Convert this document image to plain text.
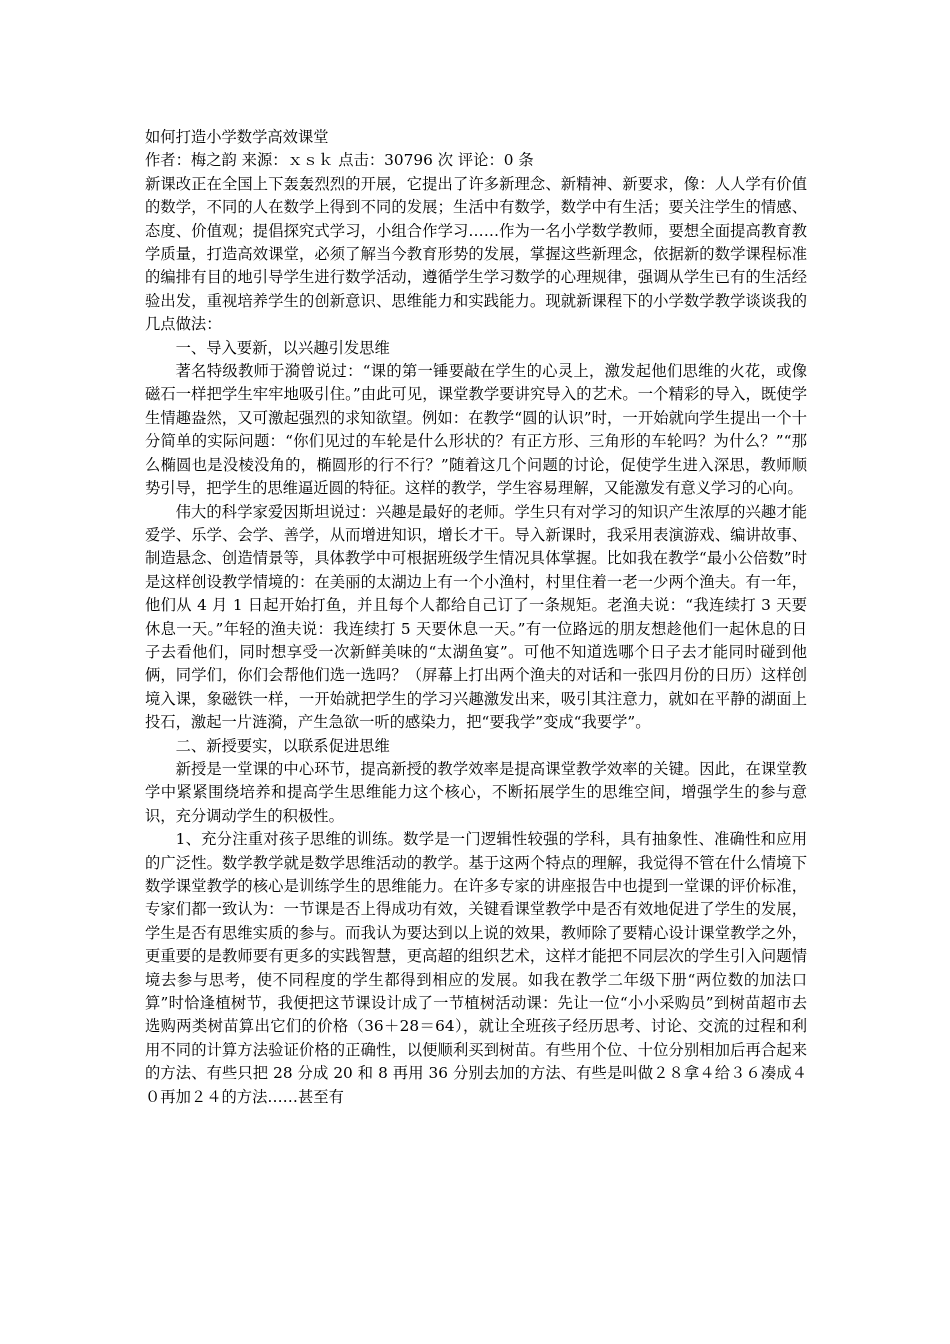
如何打造小学数学高效课堂

作者：梅之韵 来源：ｘｓｋ 点击：30796 次 评论：0 条

新课改正在全国上下轰轰烈烈的开展，它提出了许多新理念、新精神、新要求，像：人人学有价值的数学，不同的人在数学上得到不同的发展；生活中有数学，数学中有生活；要关注学生的情感、态度、价值观；提倡探究式学习，小组合作学习……作为一名小学数学教师，要想全面提高教育教学质量，打造高效课堂，必须了解当今教育形势的发展，掌握这些新理念，依据新的数学课程标准的编排有目的地引导学生进行数学活动，遵循学生学习数学的心理规律，强调从学生已有的生活经验出发，重视培养学生的创新意识、思维能力和实践能力。现就新课程下的小学数学教学谈谈我的几点做法：

一、导入要新，以兴趣引发思维

著名特级教师于漪曾说过：“课的第一锤要敲在学生的心灵上，激发起他们思维的火花，或像磁石一样把学生牢牢地吸引住。”由此可见，课堂教学要讲究导入的艺术。一个精彩的导入，既使学生情趣盎然，又可激起强烈的求知欲望。例如：在教学“圆的认识”时，一开始就向学生提出一个十分简单的实际问题：“你们见过的车轮是什么形状的？有正方形、三角形的车轮吗？为什么？”“那么椭圆也是没棱没角的，椭圆形的行不行？”随着这几个问题的讨论，促使学生进入深思，教师顺势引导，把学生的思维逼近圆的特征。这样的教学，学生容易理解，又能激发有意义学习的心向。

伟大的科学家爱因斯坦说过：兴趣是最好的老师。学生只有对学习的知识产生浓厚的兴趣才能爱学、乐学、会学、善学，从而增进知识，增长才干。导入新课时，我采用表演游戏、编讲故事、制造悬念、创造情景等，具体教学中可根据班级学生情况具体掌握。比如我在教学“最小公倍数”时是这样创设教学情境的：在美丽的太湖边上有一个小渔村，村里住着一老一少两个渔夫。有一年，他们从 4 月 1 日起开始打鱼，并且每个人都给自己订了一条规矩。老渔夫说：“我连续打 3 天要休息一天。”年轻的渔夫说：我连续打 5 天要休息一天。”有一位路远的朋友想趁他们一起休息的日子去看他们，同时想享受一次新鲜美味的“太湖鱼宴”。可他不知道选哪个日子去才能同时碰到他俩，同学们，你们会帮他们选一选吗？（屏幕上打出两个渔夫的对话和一张四月份的日历）这样创境入课，象磁铁一样，一开始就把学生的学习兴趣激发出来，吸引其注意力，就如在平静的湖面上投石，激起一片涟漪，产生急欲一听的感染力，把“要我学”变成“我要学”。

二、新授要实，以联系促进思维

新授是一堂课的中心环节，提高新授的教学效率是提高课堂教学效率的关键。因此，在课堂教学中紧紧围绕培养和提高学生思维能力这个核心，不断拓展学生的思维空间，增强学生的参与意识，充分调动学生的积极性。

1、充分注重对孩子思维的训练。数学是一门逻辑性较强的学科，具有抽象性、准确性和应用的广泛性。数学教学就是数学思维活动的教学。基于这两个特点的理解，我觉得不管在什么情境下数学课堂教学的核心是训练学生的思维能力。在许多专家的讲座报告中也提到一堂课的评价标准，专家们都一致认为：一节课是否上得成功有效，关键看课堂教学中是否有效地促进了学生的发展，学生是否有思维实质的参与。而我认为要达到以上说的效果，教师除了要精心设计课堂教学之外，更重要的是教师要有更多的实践智慧，更高超的组织艺术，这样才能把不同层次的学生引入问题情境去参与思考，使不同程度的学生都得到相应的发展。如我在教学二年级下册“两位数的加法口算”时恰逢植树节，我便把这节课设计成了一节植树活动课：先让一位“小小采购员”到树苗超市去选购两类树苗算出它们的价格（36＋28＝64），就让全班孩子经历思考、讨论、交流的过程和利用不同的计算方法验证价格的正确性，以便顺利买到树苗。有些用个位、十位分别相加后再合起来的方法、有些只把 28 分成 20 和 8 再用 36 分别去加的方法、有些是叫做２８拿４给３６凑成４０再加２４的方法……甚至有
